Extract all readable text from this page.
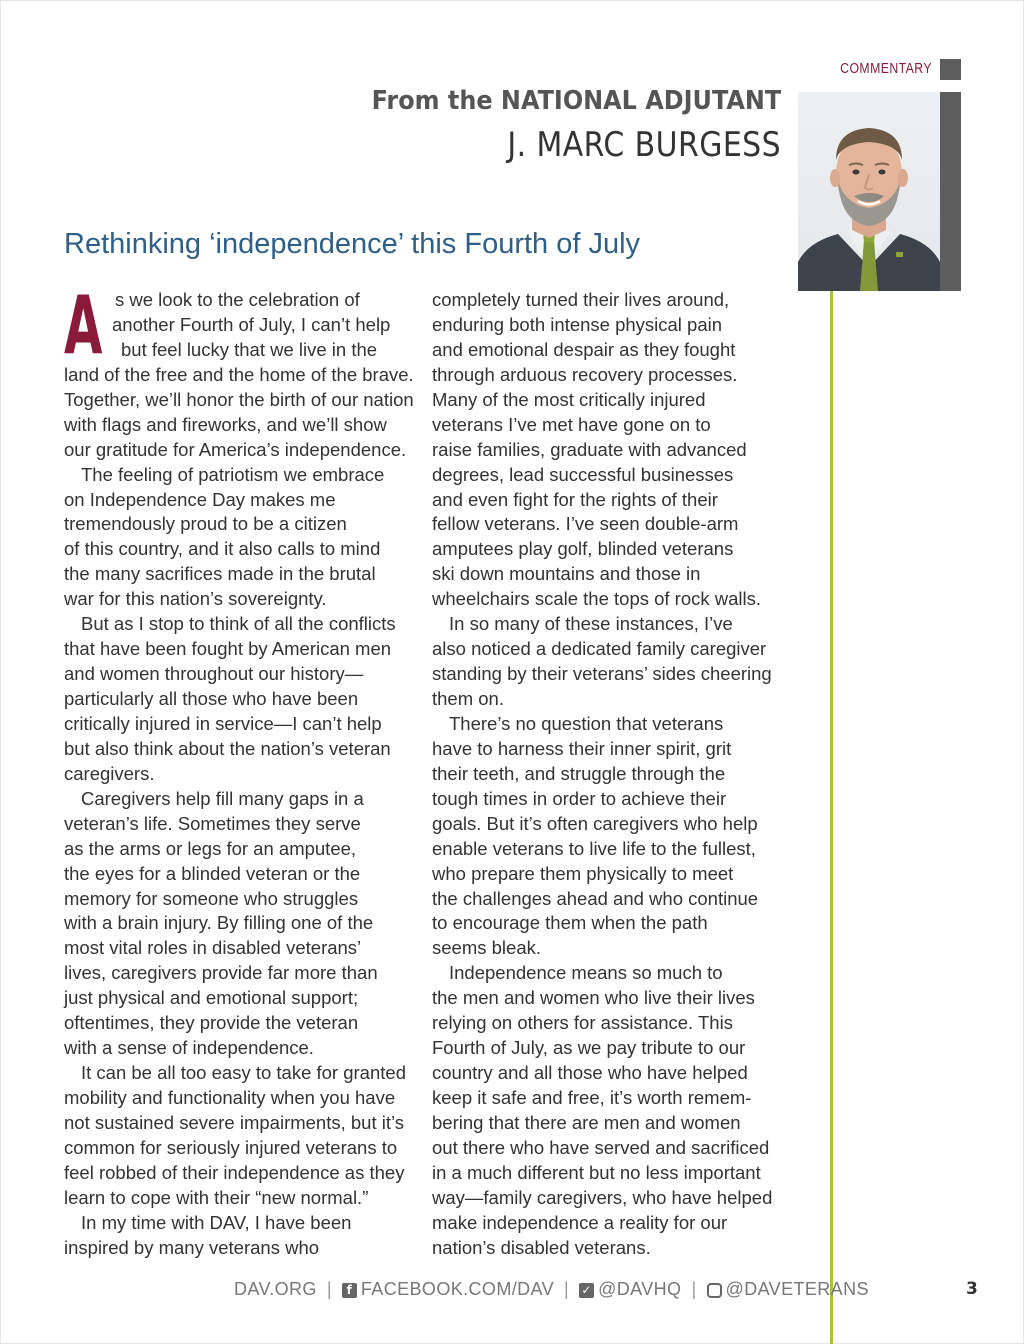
COMMENTARY
From the NATIONAL ADJUTANT
J. MARC BURGESS
Rethinking ‘independence’ this Fourth of July
A s we look to the celebration of
another Fourth of July, I can’t help
but feel lucky that we live in the
land of the free and the home of the brave.
Together, we’ll honor the birth of our nation
with flags and fireworks, and we’ll show
our gratitude for America’s independence.
The feeling of patriotism we embrace
on Independence Day makes me
tremendously proud to be a citizen
of this country, and it also calls to mind
the many sacrifices made in the brutal
war for this nation’s sovereignty.
But as I stop to think of all the conflicts
that have been fought by American men
and women throughout our history—
particularly all those who have been
critically injured in service—I can’t help
but also think about the nation’s veteran
caregivers.
Caregivers help fill many gaps in a
veteran’s life. Sometimes they serve
as the arms or legs for an amputee,
the eyes for a blinded veteran or the
memory for someone who struggles
with a brain injury. By filling one of the
most vital roles in disabled veterans’
lives, caregivers provide far more than
just physical and emotional support;
oftentimes, they provide the veteran
with a sense of independence.
It can be all too easy to take for granted
mobility and functionality when you have
not sustained severe impairments, but it’s
common for seriously injured veterans to
feel robbed of their independence as they
learn to cope with their “new normal.”
In my time with DAV, I have been
inspired by many veterans who
completely turned their lives around,
enduring both intense physical pain
and emotional despair as they fought
through arduous recovery processes.
Many of the most critically injured
veterans I’ve met have gone on to
raise families, graduate with advanced
degrees, lead successful businesses
and even fight for the rights of their
fellow veterans. I’ve seen double-arm
amputees play golf, blinded veterans
ski down mountains and those in
wheelchairs scale the tops of rock walls.
In so many of these instances, I’ve
also noticed a dedicated family caregiver
standing by their veterans’ sides cheering
them on.
There’s no question that veterans
have to harness their inner spirit, grit
their teeth, and struggle through the
tough times in order to achieve their
goals. But it’s often caregivers who help
enable veterans to live life to the fullest,
who prepare them physically to meet
the challenges ahead and who continue
to encourage them when the path
seems bleak.
Independence means so much to
the men and women who live their lives
relying on others for assistance. This
Fourth of July, as we pay tribute to our
country and all those who have helped
keep it safe and free, it’s worth remem-
bering that there are men and women
out there who have served and sacrificed
in a much different but no less important
way—family caregivers, who have helped
make independence a reality for our
nation’s disabled veterans.
DAV.ORG |	f FACEBOOK.COM/DAV | ✓ @DAVHQ | @DAVETERANS	3
